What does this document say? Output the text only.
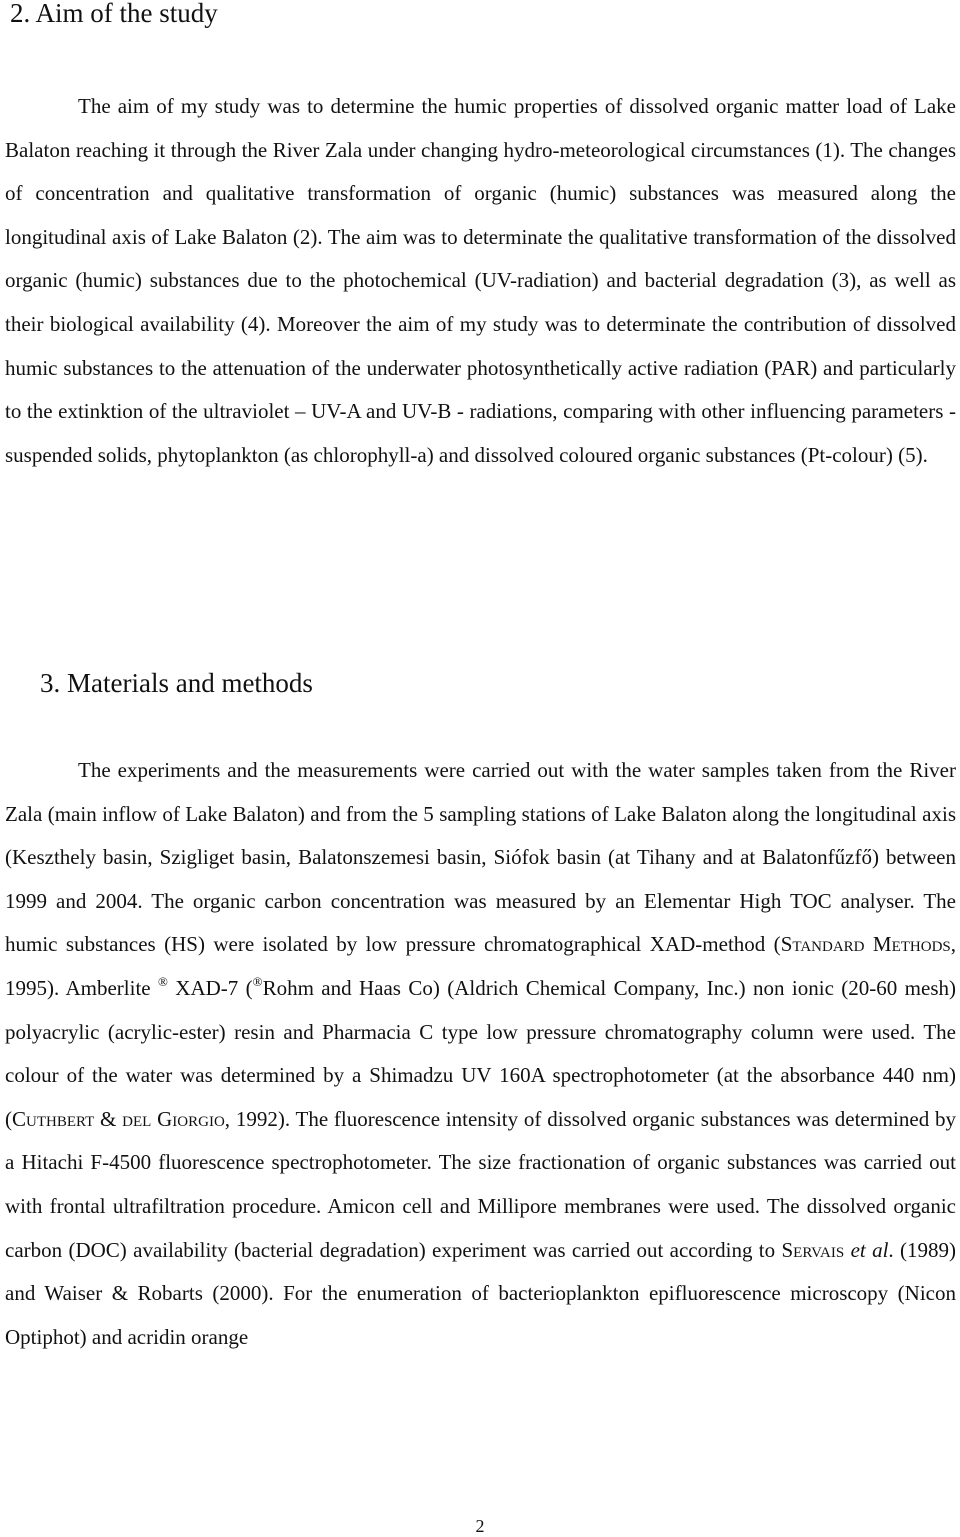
2. Aim of the study

The aim of my study was to determine the humic properties of dissolved organic matter load of Lake Balaton reaching it through the River Zala under changing hydro-meteorological circumstances (1). The changes of concentration and qualitative transformation of organic (humic) substances was measured along the longitudinal axis of Lake Balaton (2). The aim was to determinate the qualitative transformation of the dissolved organic (humic) substances due to the photochemical (UV-radiation) and bacterial degradation (3), as well as their biological availability (4). Moreover the aim of my study was to determinate the contribution of dissolved humic substances to the attenuation of the underwater photosynthetically active radiation (PAR) and particularly to the extinktion of the ultraviolet – UV-A and UV-B - radiations, comparing with other influencing parameters - suspended solids, phytoplankton (as chlorophyll-a) and dissolved coloured organic substances (Pt-colour) (5).

3. Materials and methods

The experiments and the measurements were carried out with the water samples taken from the River Zala (main inflow of Lake Balaton) and from the 5 sampling stations of Lake Balaton along the longitudinal axis (Keszthely basin, Szigliget basin, Balatonszemesi basin, Siófok basin (at Tihany and at Balatonfűzfő) between 1999 and 2004. The organic carbon concentration was measured by an Elementar High TOC analyser. The humic substances (HS) were isolated by low pressure chromatographical XAD-method (Standard Methods, 1995). Amberlite ® XAD-7 (®Rohm and Haas Co) (Aldrich Chemical Company, Inc.) non ionic (20-60 mesh) polyacrylic (acrylic-ester) resin and Pharmacia C type low pressure chromatography column were used. The colour of the water was determined by a Shimadzu UV 160A spectrophotometer (at the absorbance 440 nm) (Cuthbert & del Giorgio, 1992). The fluorescence intensity of dissolved organic substances was determined by a Hitachi F-4500 fluorescence spectrophotometer. The size fractionation of organic substances was carried out with frontal ultrafiltration procedure. Amicon cell and Millipore membranes were used. The dissolved organic carbon (DOC) availability (bacterial degradation) experiment was carried out according to Servais et al. (1989) and Waiser & Robarts (2000). For the enumeration of bacterioplankton epifluorescence microscopy (Nicon Optiphot) and acridin orange

2
